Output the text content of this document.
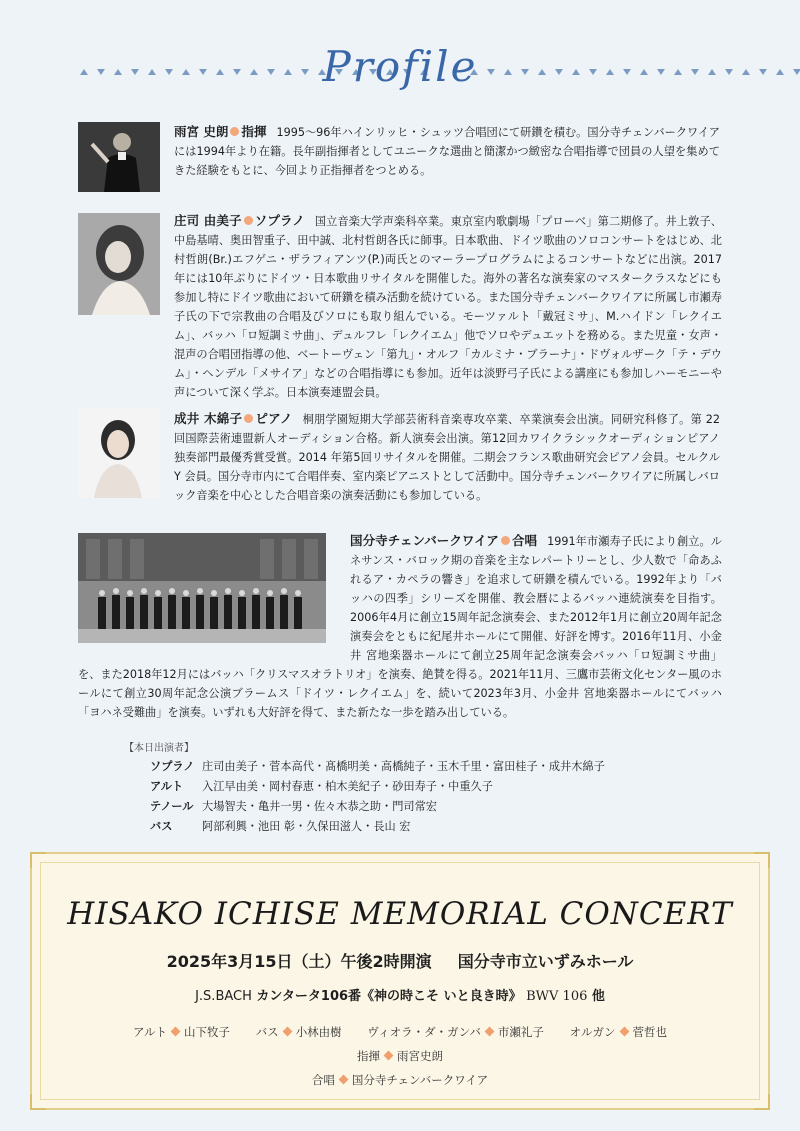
Profile
雨宮 史朗 指揮 1995～96年ハインリッヒ・シュッツ合唱団にて研鑽を積む。国分寺チェンバークワイアには1994年より在籍。長年副指揮者としてユニークな選曲と簡潔かつ緻密な合唱指導で団員の人望を集めてきた経験をもとに、今回より正指揮者をつとめる。
庄司 由美子 ソプラノ 国立音楽大学声楽科卒業。東京室内歌劇場「プローベ」第二期修了。井上敦子、中島基晴、奥田智重子、田中誠、北村哲朗各氏に師事。日本歌曲、ドイツ歌曲のソロコンサートをはじめ、北村哲朗(Br.)エフゲニ・ザラフィアンツ(P.)両氏とのマーラープログラムによるコンサートなどに出演。2017 年には10年ぶりにドイツ・日本歌曲リサイタルを開催した。海外の著名な演奏家のマスタークラスなどにも参加し特にドイツ歌曲において研鑽を積み活動を続けている。また国分寺チェンバークワイアに所属し市瀬寿子氏の下で宗教曲の合唱及びソロにも取り組んでいる。モーツァルト「戴冠ミサ」、M.ハイドン「レクイエム」、バッハ「ロ短調ミサ曲」、デュルフレ「レクイエム」他でソロやデュエットを務める。また児童・女声・混声の合唱団指導の他、ベートーヴェン「第九」・オルフ「カルミナ・ブラーナ」・ドヴォルザーク「テ・デウム」・ヘンデル「メサイア」などの合唱指導にも参加。近年は淡野弓子氏による講座にも参加しハーモニーや声について深く学ぶ。日本演奏連盟会員。
成井 木綿子 ピアノ 桐朋学園短期大学部芸術科音楽専攻卒業、卒業演奏会出演。同研究科修了。第 22 回国際芸術連盟新人オーディション合格。新人演奏会出演。第12回カワイクラシックオーディションピアノ独奏部門最優秀賞受賞。2014 年第5回リサイタルを開催。二期会フランス歌曲研究会ピアノ会員。セルクル Y 会員。国分寺市内にて合唱伴奏、室内楽ピアニストとして活動中。国分寺チェンバークワイアに所属しバロック音楽を中心とした合唱音楽の演奏活動にも参加している。
国分寺チェンバークワイア 合唱 1991年市瀬寿子氏により創立。ルネサンス・バロック期の音楽を主なレパートリーとし、少人数で「命あふれるア・カペラの響き」を追求して研鑽を積んでいる。1992年より「バッハの四季」シリーズを開催、教会暦によるバッハ連続演奏を目指す。2006年4月に創立15周年記念演奏会、また2012年1月に創立20周年記念演奏会をともに紀尾井ホールにて開催、好評を博す。2016年11月、小金井 宮地楽器ホールにて創立25周年記念演奏会バッハ「ロ短調ミサ曲」を、また2018年12月にはバッハ「クリスマスオラトリオ」を演奏、絶賛を得る。2021年11月、三鷹市芸術文化センター風のホールにて創立30周年記念公演ブラームス「ドイツ・レクイエム」を、続いて2023年3月、小金井 宮地楽器ホールにてバッハ「ヨハネ受難曲」を演奏。いずれも大好評を得て、また新たな一歩を踏み出している。
【本日出演者】
ソプラノ 庄司由美子・菅本高代・髙橋明美・高橋純子・玉木千里・富田桂子・成井木綿子
アルト	入江早由美・岡村春恵・柏木美紀子・砂田寿子・中重久子
テノール 大場智夫・亀井一男・佐々木恭之助・門司常宏
バス	阿部利興・池田 彰・久保田滋人・長山 宏
HISAKO ICHISE MEMORIAL CONCERT
2025年3月15日（土）午後2時開演 国分寺市立いずみホール
J.S.BACH カンタータ106番《神の時こそ いと良き時》 BWV 106 他
アルト 山下牧子 バス 小林由樹 ヴィオラ・ダ・ガンバ 市瀬礼子 オルガン 菅哲也
指揮 雨宮史朗
合唱 国分寺チェンバークワイア
